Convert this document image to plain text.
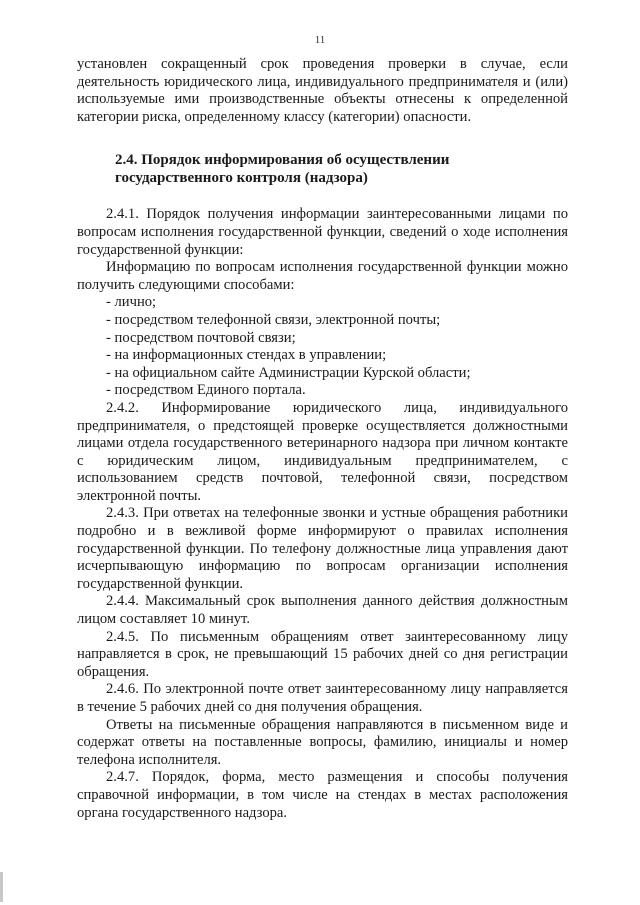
11

установлен сокращенный срок проведения проверки в случае, если деятельность юридического лица, индивидуального предпринимателя и (или) используемые ими производственные объекты отнесены к определенной категории риска, определенному классу (категории) опасности.

2.4. Порядок информирования об осуществлении

государственного контроля (надзора)

2.4.1. Порядок получения информации заинтересованными лицами по вопросам исполнения государственной функции, сведений о ходе исполнения государственной функции:

Информацию по вопросам исполнения государственной функции можно получить следующими способами:

- лично;

- посредством телефонной связи, электронной почты;

- посредством почтовой связи;

- на информационных стендах в управлении;

- на официальном сайте Администрации Курской области;

- посредством Единого портала.

2.4.2. Информирование юридического лица, индивидуального предпринимателя, о предстоящей проверке осуществляется должностными лицами отдела государственного ветеринарного надзора при личном контакте с юридическим лицом, индивидуальным предпринимателем, с использованием средств почтовой, телефонной связи, посредством электронной почты.

2.4.3. При ответах на телефонные звонки и устные обращения работники подробно и в вежливой форме информируют о правилах исполнения государственной функции. По телефону должностные лица управления дают исчерпывающую информацию по вопросам организации исполнения государственной функции.

2.4.4. Максимальный срок выполнения данного действия должностным лицом составляет 10 минут.

2.4.5. По письменным обращениям ответ заинтересованному лицу направляется в срок, не превышающий 15 рабочих дней со дня регистрации обращения.

2.4.6. По электронной почте ответ заинтересованному лицу направляется в течение 5 рабочих дней со дня получения обращения.

Ответы на письменные обращения направляются в письменном виде и содержат ответы на поставленные вопросы, фамилию, инициалы и номер телефона исполнителя.

2.4.7. Порядок, форма, место размещения и способы получения справочной информации, в том числе на стендах в местах расположения органа государственного надзора.
